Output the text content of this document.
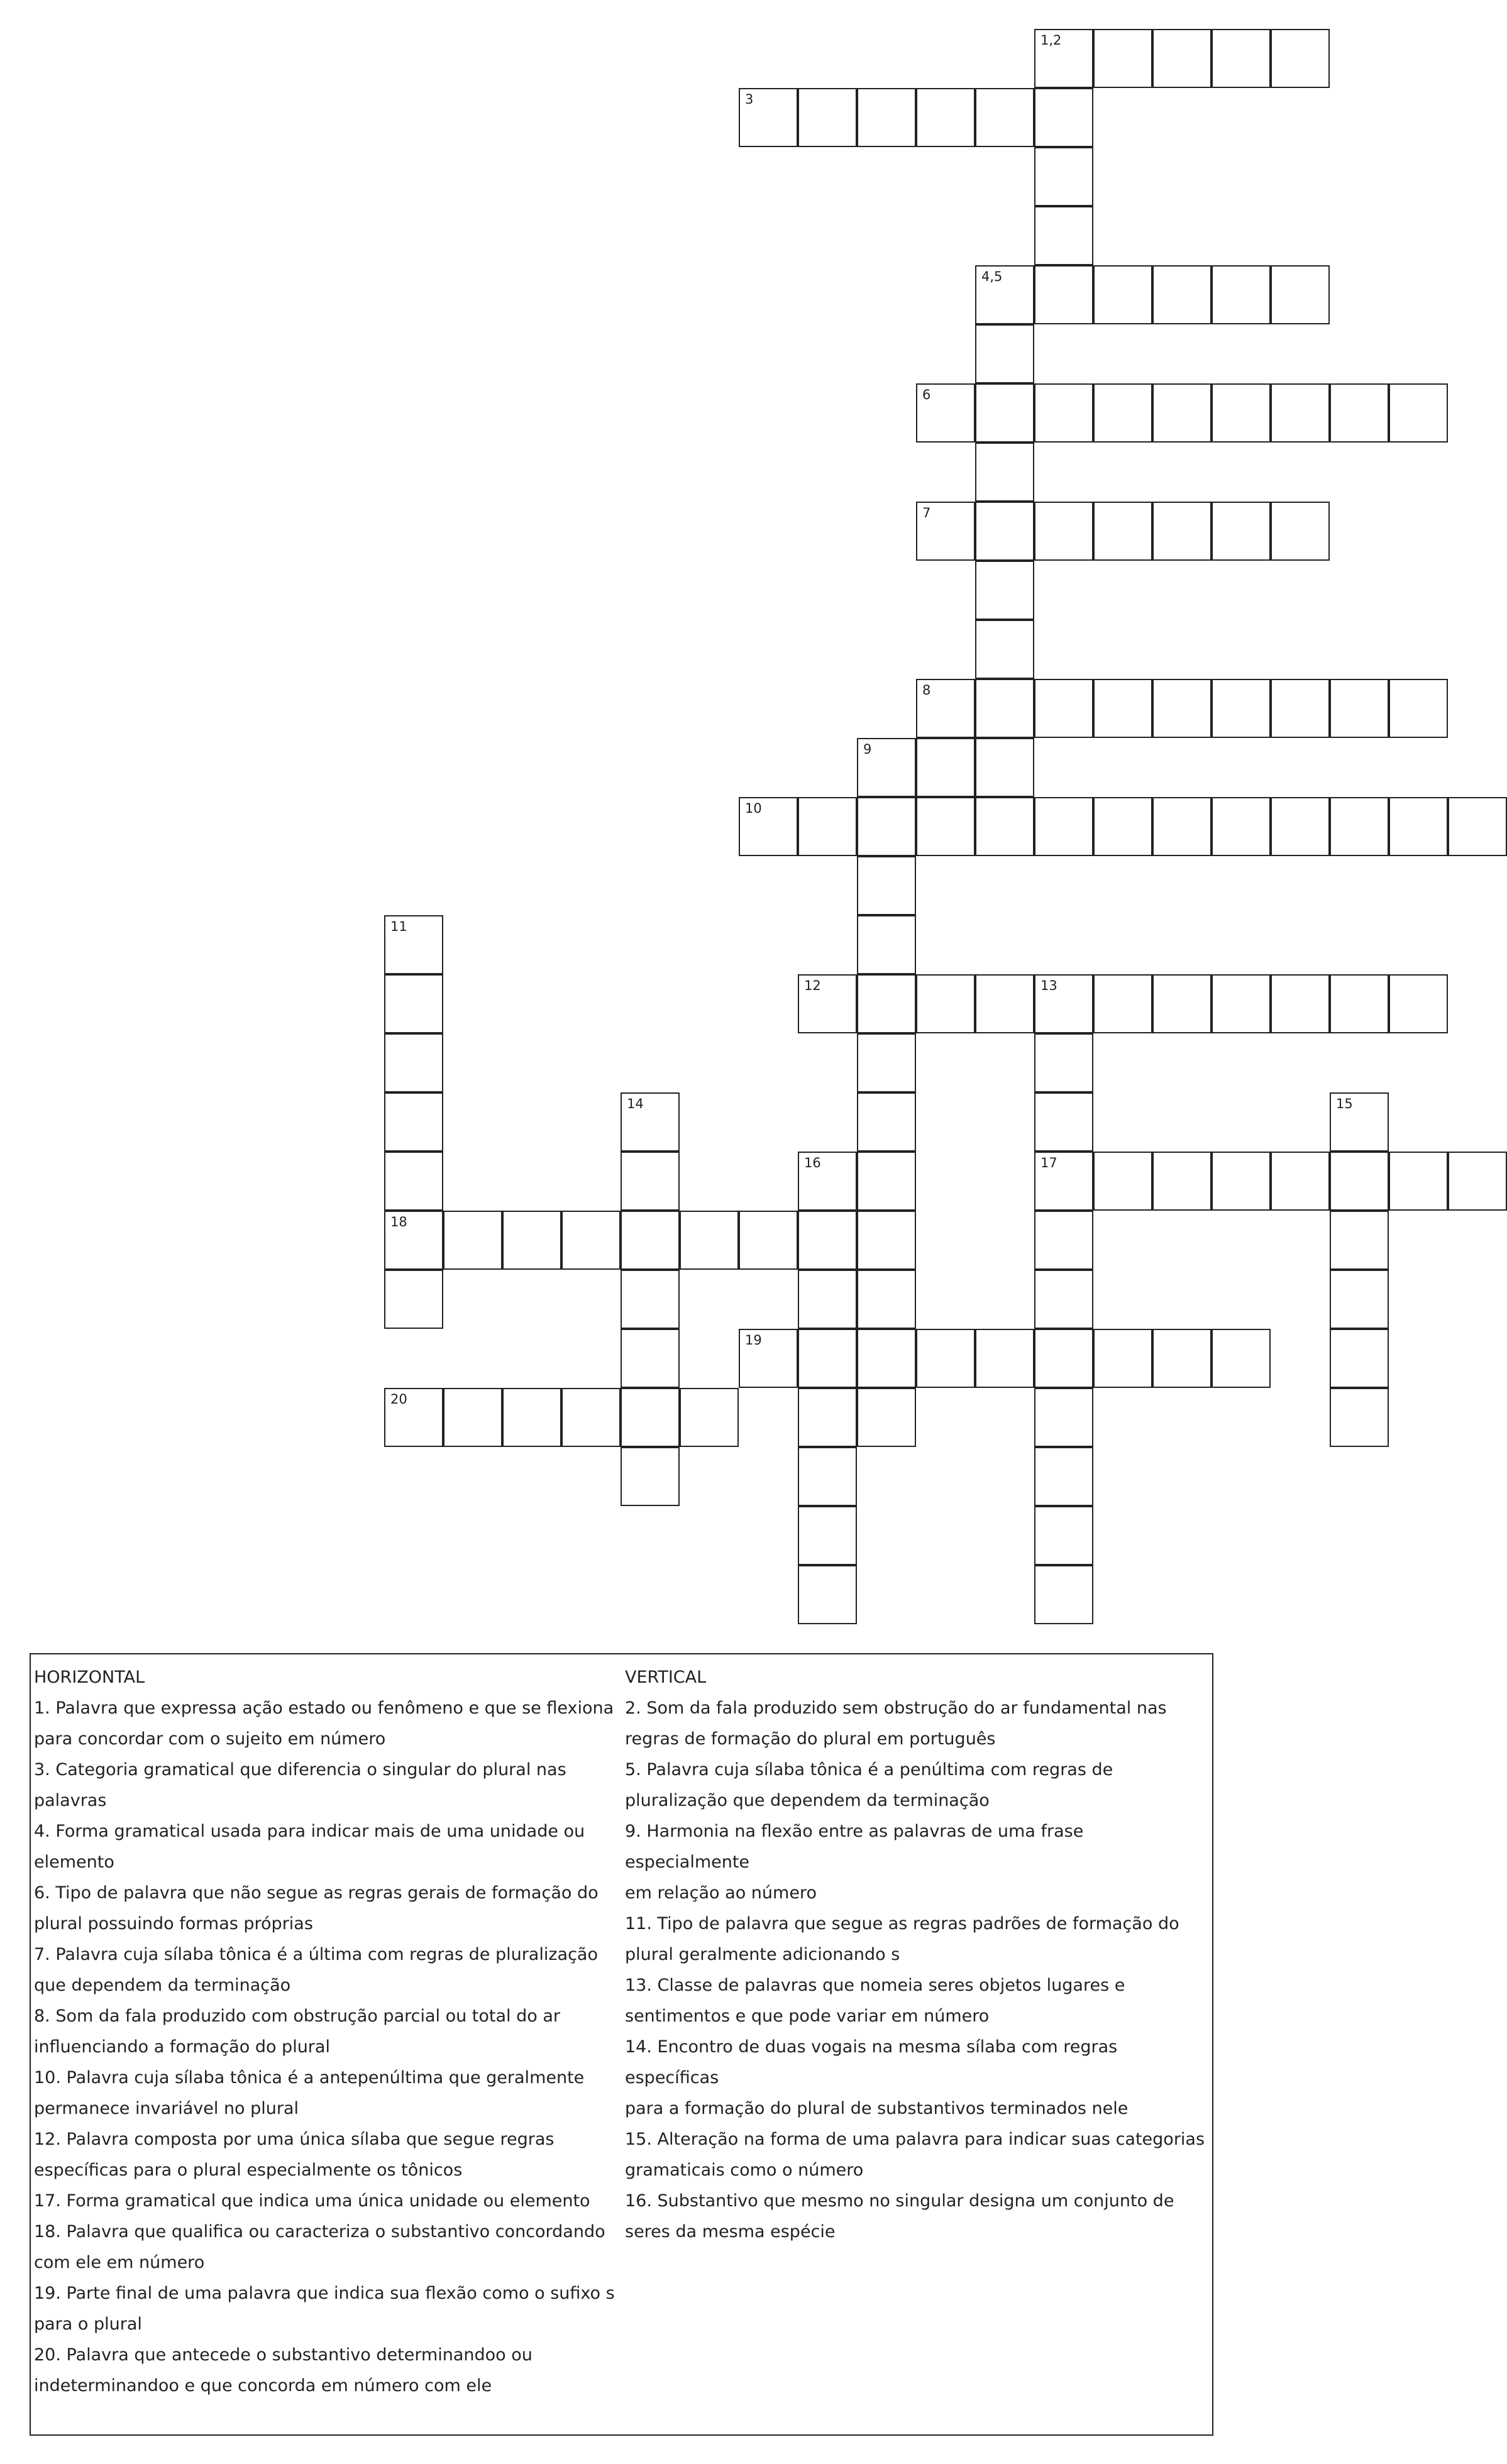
1,2
3
4,5
6
7
8
9
10
11
12	13
14	15
16	17
18
19
20

HORIZONTAL

1. Palavra que expressa ação estado ou fenômeno e que se flexiona

para concordar com o sujeito em número

3. Categoria gramatical que diferencia o singular do plural nas

palavras

4. Forma gramatical usada para indicar mais de uma unidade ou

elemento

6. Tipo de palavra que não segue as regras gerais de formação do

plural possuindo formas próprias

7. Palavra cuja sílaba tônica é a última com regras de pluralização

que dependem da terminação

8. Som da fala produzido com obstrução parcial ou total do ar

influenciando a formação do plural

10. Palavra cuja sílaba tônica é a antepenúltima que geralmente

permanece invariável no plural

12. Palavra composta por uma única sílaba que segue regras

específicas para o plural especialmente os tônicos

17. Forma gramatical que indica uma única unidade ou elemento

18. Palavra que qualifica ou caracteriza o substantivo concordando

com ele em número

19. Parte final de uma palavra que indica sua flexão como o sufixo s

para o plural

20. Palavra que antecede o substantivo determinandoo ou

indeterminandoo e que concorda em número com ele

VERTICAL

2. Som da fala produzido sem obstrução do ar fundamental nas

regras de formação do plural em português

5. Palavra cuja sílaba tônica é a penúltima com regras de

pluralização que dependem da terminação

9. Harmonia na flexão entre as palavras de uma frase especialmente

em relação ao número

11. Tipo de palavra que segue as regras padrões de formação do

plural geralmente adicionando s

13. Classe de palavras que nomeia seres objetos lugares e

sentimentos e que pode variar em número

14. Encontro de duas vogais na mesma sílaba com regras específicas

para a formação do plural de substantivos terminados nele

15. Alteração na forma de uma palavra para indicar suas categorias

gramaticais como o número

16. Substantivo que mesmo no singular designa um conjunto de

seres da mesma espécie
